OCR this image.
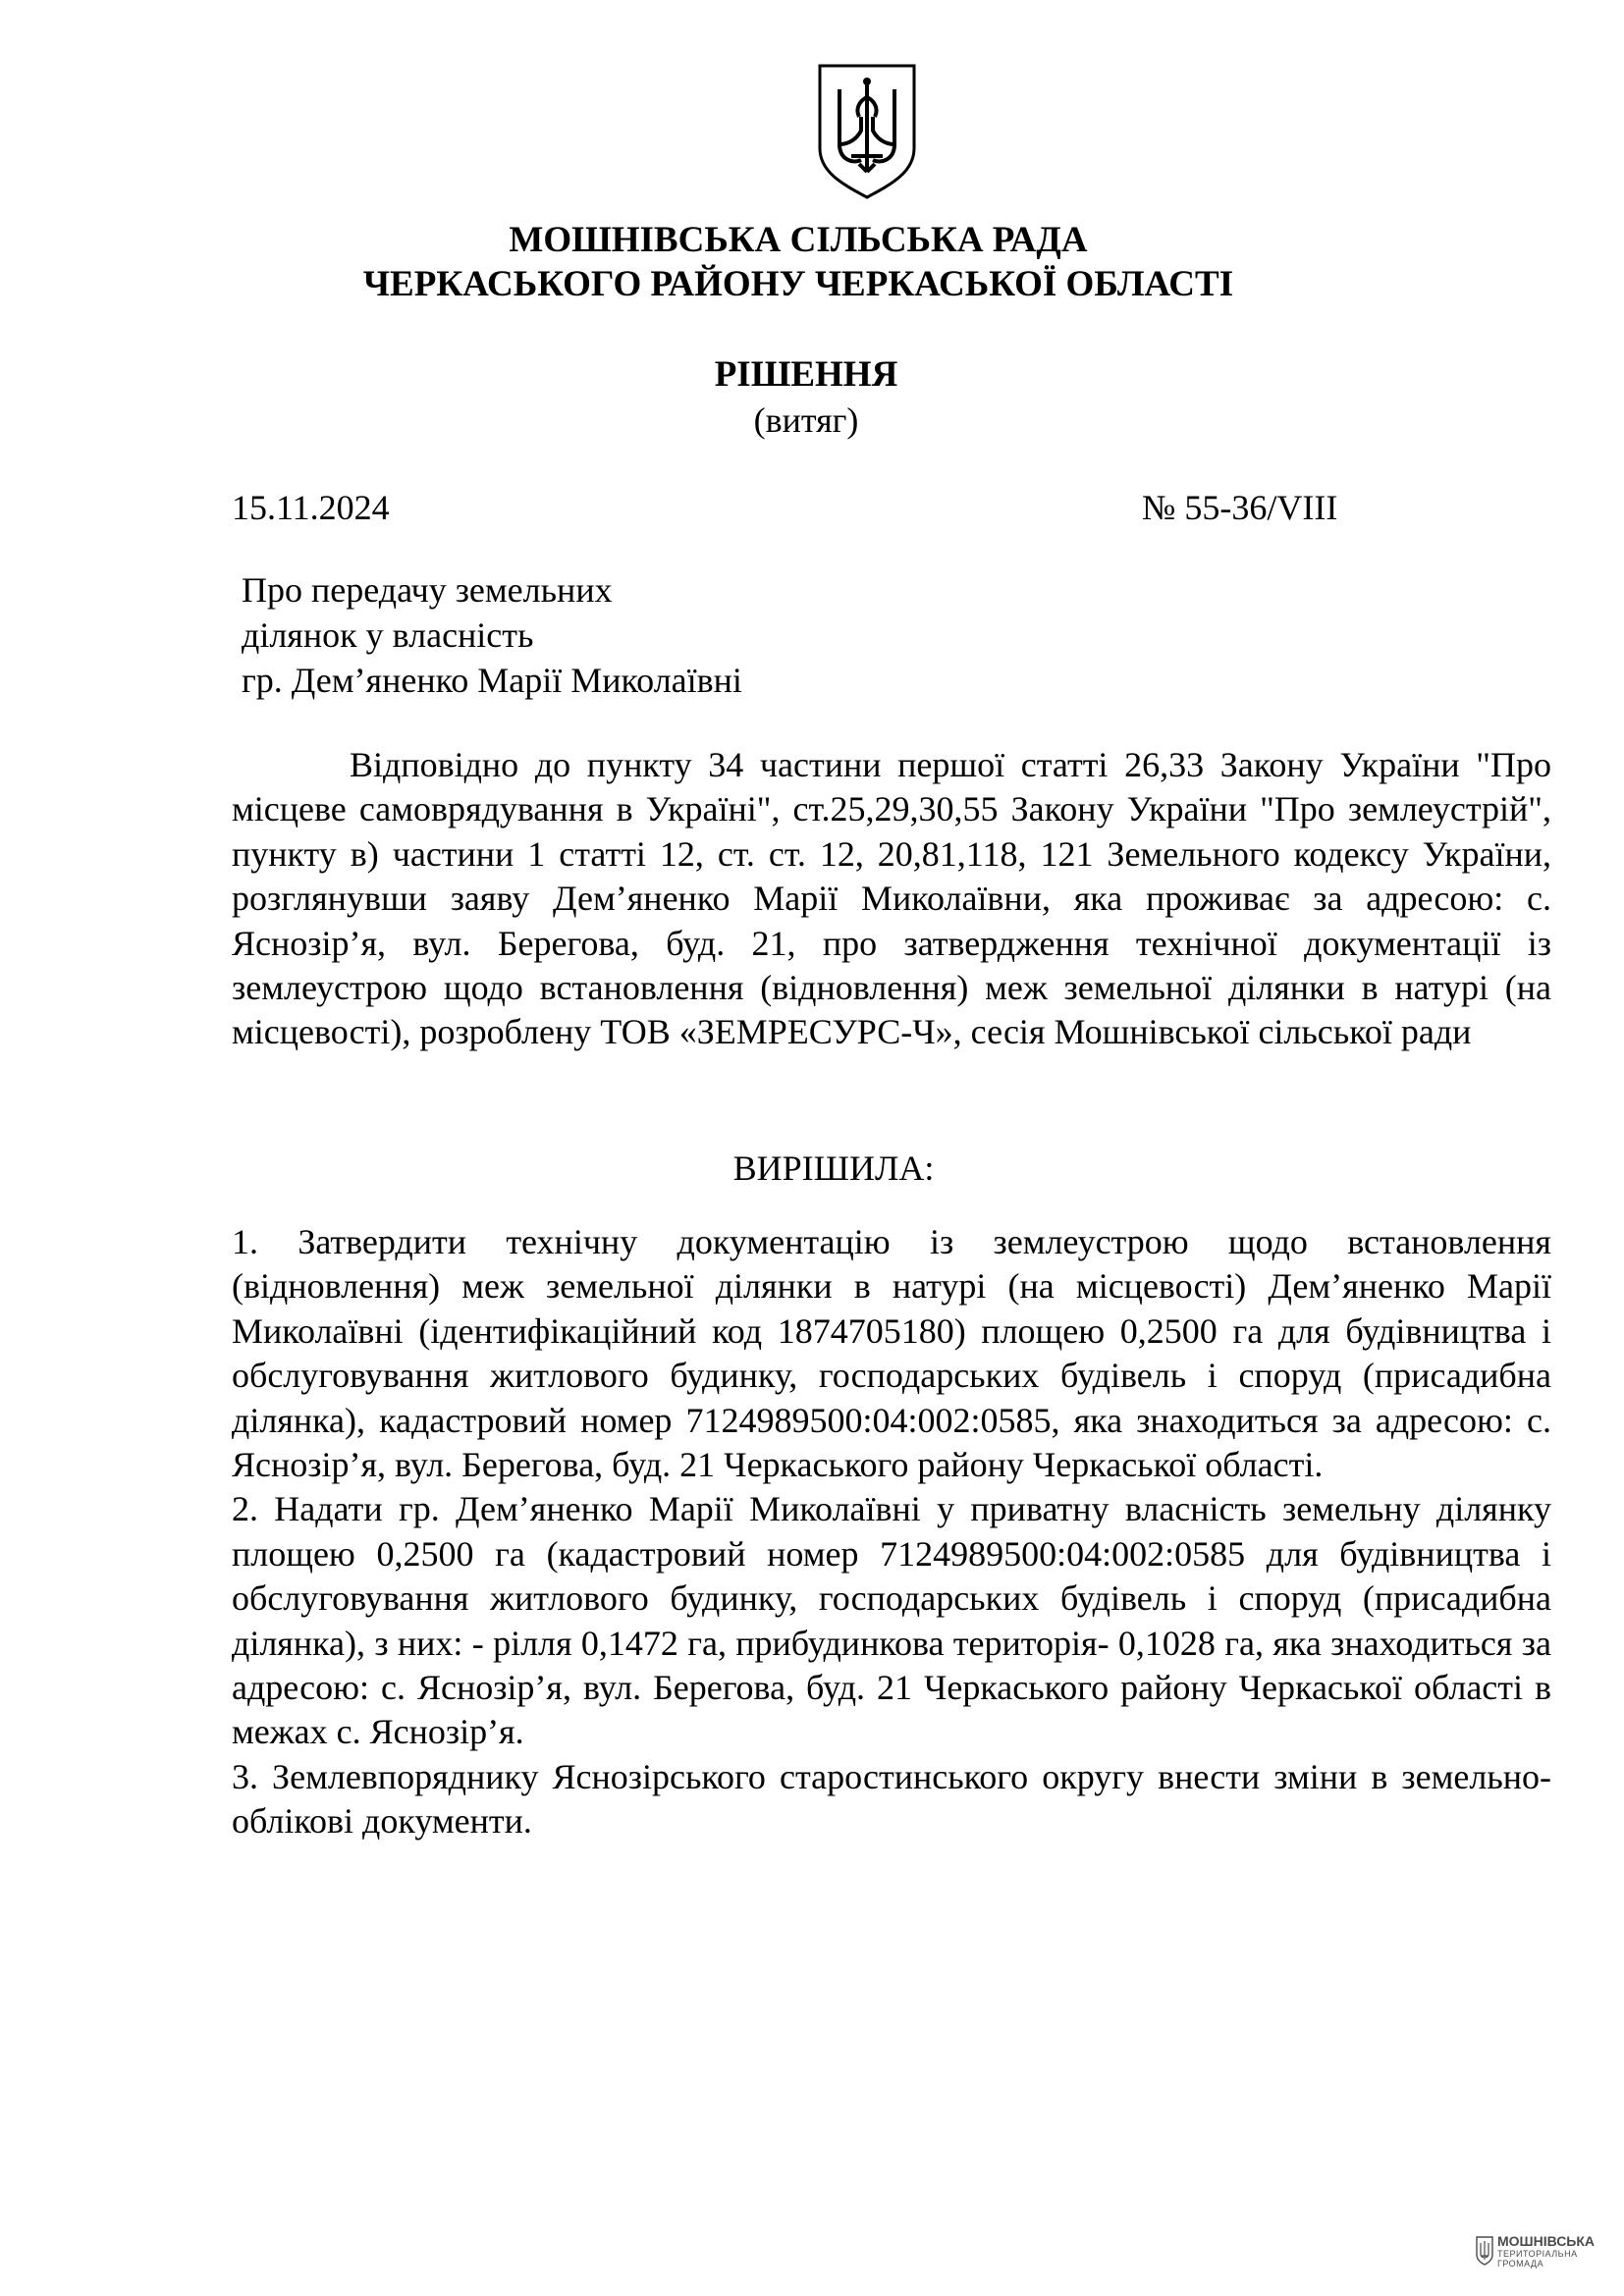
МОШНІВСЬКА СІЛЬСЬКА РАДА
ЧЕРКАСЬКОГО РАЙОНУ ЧЕРКАСЬКОЇ ОБЛАСТІ
РІШЕННЯ
(витяг)
15.11.2024	№ 55-36/VIII
Про передачу земельних
ділянок у власність
гр. Дем’яненко Марії Миколаївні
Відповідно до пункту 34 частини першої статті 26,33 Закону України "Про місцеве самоврядування в Україні", ст.25,29,30,55 Закону України "Про землеустрій", пункту в) частини 1 статті 12, ст. ст. 12, 20,81,118, 121 Земельного кодексу України, розглянувши заяву Дем’яненко Марії Миколаївни, яка проживає за адресою: с. Яснозір’я, вул. Берегова, буд. 21, про затвердження технічної документації із землеустрою щодо встановлення (відновлення) меж земельної ділянки в натурі (на місцевості), розроблену ТОВ «ЗЕМРЕСУРС-Ч», сесія Мошнівської сільської ради
ВИРІШИЛА:

1. Затвердити технічну документацію із землеустрою щодо встановлення (відновлення) меж земельної ділянки в натурі (на місцевості) Дем’яненко Марії Миколаївні (ідентифікаційний код 1874705180) площею 0,2500 га для будівництва і обслуговування житлового будинку, господарських будівель і споруд (присадибна ділянка), кадастровий номер 7124989500:04:002:0585, яка знаходиться за адресою: с. Яснозір’я, вул. Берегова, буд. 21 Черкаського району Черкаської області.

2. Надати гр. Дем’яненко Марії Миколаївні у приватну власність земельну ділянку площею 0,2500 га (кадастровий номер 7124989500:04:002:0585 для будівництва і обслуговування житлового будинку, господарських будівель і споруд (присадибна ділянка), з них: - рілля 0,1472 га, прибудинкова територія- 0,1028 га, яка знаходиться за адресою: с. Яснозір’я, вул. Берегова, буд. 21 Черкаського району Черкаської області в межах с. Яснозір’я.

3. Землевпоряднику Яснозірського старостинського округу внести зміни в земельно-облікові документи.

МОШНІВСЬКА
ТЕРИТОРІАЛЬНА
ГРОМАДА
